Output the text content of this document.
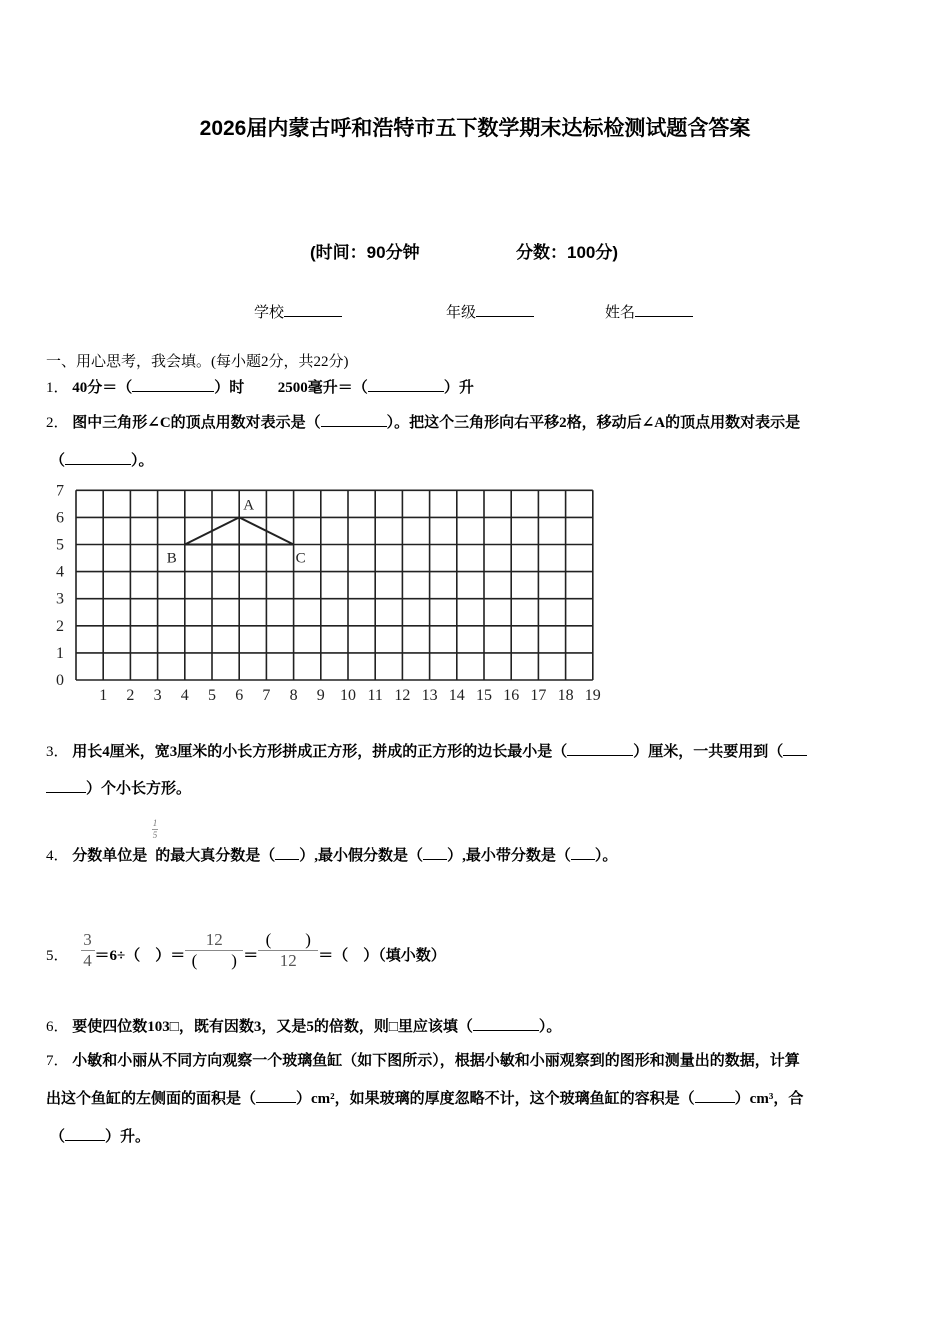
2026届内蒙古呼和浩特市五下数学期末达标检测试题含答案
(时间：90分钟	分数：100分)
学校	年级	姓名
一、用心思考，我会填。(每小题2分，共22分)
1． 40分＝（	）时 2500毫升＝（	）升
2． 图中三角形∠C的顶点用数对表示是（	）。把这个三角形向右平移2格，移动后∠A的顶点用数对表示是
（	）。
1 2 3 4 5 6 7 8 9 10 11 12 13 14 15 16 17 18 19
0
1
2
3
4
5
6
7
A
B	C
3． 用长4厘米，宽3厘米的小长方形拼成正方形，拼成的正方形的边长最小是（	）厘米，一共要用到（
）个小长方形。
4． 分数单位是 的最大真分数是（ ）,最小假分数是（ ）,最小带分数是（ ）。
1
5
5． $\frac{3}{4} =6\div$（　）＝ $\frac{12}{( )} = \frac{( )}{12}$ ＝（　）（填小数）
6． 要使四位数103□，既有因数3，又是5的倍数，则□里应该填（	）。
7． 小敏和小丽从不同方向观察一个玻璃鱼缸（如下图所示），根据小敏和小丽观察到的图形和测量出的数据，计算
出这个鱼缸的左侧面的面积是（	）cm²，如果玻璃的厚度忽略不计，这个玻璃鱼缸的容积是（	）cm³，合
（	）升。
